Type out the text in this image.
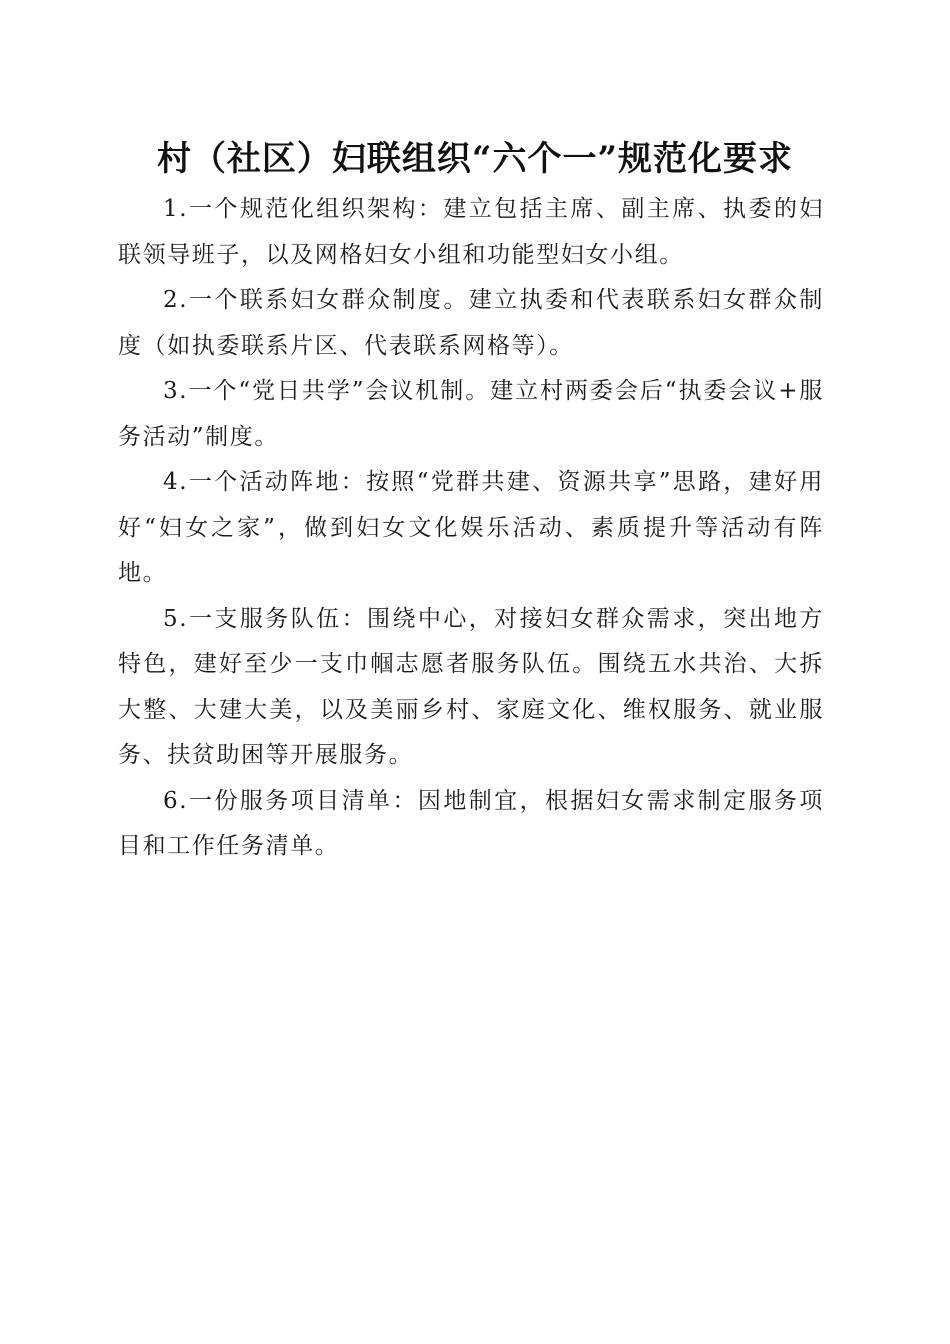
村（社区）妇联组织“六个一”规范化要求

1.一个规范化组织架构：建立包括主席、副主席、执委的妇联领导班子，以及网格妇女小组和功能型妇女小组。

2.一个联系妇女群众制度。建立执委和代表联系妇女群众制度（如执委联系片区、代表联系网格等）。

3.一个“党日共学”会议机制。建立村两委会后“执委会议+服务活动”制度。

4.一个活动阵地：按照“党群共建、资源共享”思路，建好用好“妇女之家”，做到妇女文化娱乐活动、素质提升等活动有阵地。

5.一支服务队伍：围绕中心，对接妇女群众需求，突出地方特色，建好至少一支巾帼志愿者服务队伍。围绕五水共治、大拆大整、大建大美，以及美丽乡村、家庭文化、维权服务、就业服务、扶贫助困等开展服务。

6.一份服务项目清单：因地制宜，根据妇女需求制定服务项目和工作任务清单。
